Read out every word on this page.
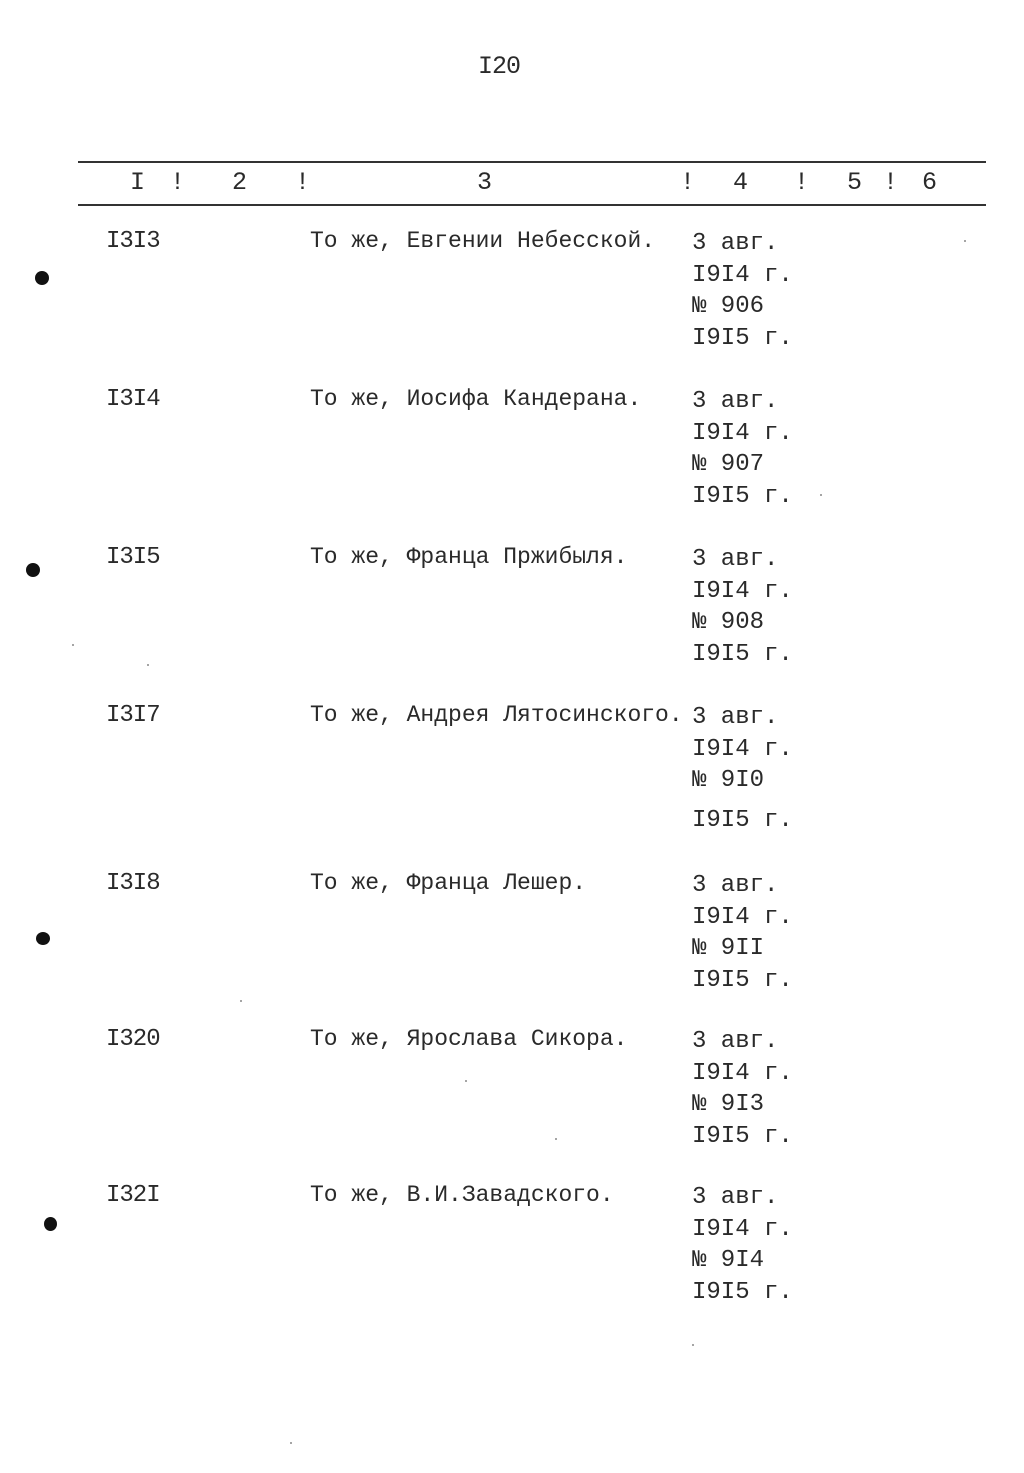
I20
I ! 2 !	3	! 4 ! 5 ! 6
I3I3	То же, Евгении Небесской. 3 авг.
I9I4 г.
№ 906
I9I5 г.
I3I4	То же, Иосифа Кандерана. 3 авг.
I9I4 г.
№ 907
I9I5 г.
I3I5	То же, Франца Пржибыля.	3 авг.
I9I4 г.
№ 908
I9I5 г.
I3I7	То же, Андрея Лятосинского. 3 авг.
I9I4 г.
№ 9I0
I9I5 г.
I3I8	То же, Франца Лешер.	3 авг.
I9I4 г.
№ 9II
I9I5 г.
I320	То же, Ярослава Сикора.	3 авг.
I9I4 г.
№ 9I3
I9I5 г.
I32I	То же, В.И.Завадского.	3 авг.
I9I4 г.
№ 9I4
I9I5 г.
